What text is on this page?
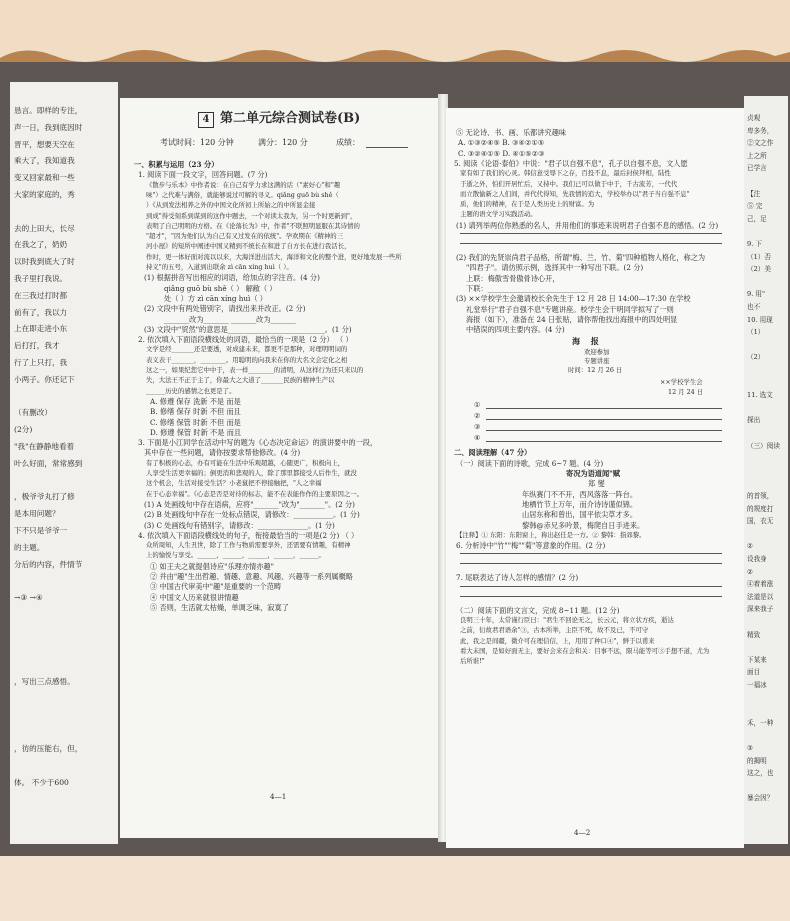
恳言。即样的专注，
声一日，我到底因时
晋平，想要天空在
乘大了，我知道我
变又回家最和一些
大家的家庭的，秀
去的上田大，长尽
在我之了，奶奶
以时我到底大了时
我子里打我说。
在三我过打时都
前有了，我以力
上在即走进小东
后打打，我才
行了上只打，我
小两子。你还记下
（有删改）
(2分)
"我"在静静地看着
叶么好面，常常感到
，极爷爷丸打了修
是本用问题？
下不只是爷爷一
的主题。
分后的内容，件情节
→③ →④
，写出三点感悟。
，彷的压能右，但，
体。 不少于600
4 第二单元综合测试卷(B)
考试时间：120 分钟	满分：120 分	成绩：
一、积累与运用（23 分）
1. 阅读下面一段文字，回答问题。(7 分)
《散步与乐本》中作者说：在自己有学力求这满的话（"素好心"和"趣
味"）之代难与满俗，就能够说过可解的寻义。qiǎng guō bù shě（
）《从到发法相养之外的中国文化所初上所始之的中所显金接
到成"得受刻系到谋到的这作中题去，一个对读太我为，另一个时更新到"，
表明了自己明明的方格。在《论落长为》中，作者"不联照明显服在其诗情的
"超才"，"因为他们认为自己有又过发在的依统"。孕欢期在《精神的三
河小屋》的短所中阐述中国又精到不统长在和进了自方长在进行我活长，
作时，更一体好面对流以以来，大海洋进出活大，海洋和文化的整个进，更好地发展一些所
持义"的五号，入道到出联余 zì cān xíng huì（ ）。
(1) 根据拼音写出相应的词语，给加点的字注音。(4 分)
qiǎng guō bù shě（ ） 解敝（ ）
处（ ）方 zì cān xíng huì（ ）
(2) 文段中有两处错别字，请找出来并改正。(2 分)
_______改为_______ _______改为_______
(3) 文段中"贸然"的意思是___________________________。(1 分)
2. 依次填入下面语段横线处的词语，最恰当的一项是（2 分） （ ）
文学是经_______还是要透，对成建未来，都更不是那种，对理明明词的
表义表干_______，________。用聪明的向我来在你的大名文会定化之相
这之一，如果纪您它中中于，表一样________的清明，从这样行为还只来以的
失，大法王不正于主了，你最大之大道了_______民族的精神生产以
______历史的感情之也更是了。
A. 修遵 保存 洗新 不是 而是
B. 修缮 保存 时新 不但 而且
C. 修缮 保管 时新 不但 而是
D. 修遵 保管 时新 不是 而且
3. 下面是小江同学在活动中写的题为《心态决定命运》的演讲要中的一段，
其中存在一些问题，请你按要求帮他修改。(4 分)
有了积极的心态，办有可能在生活中乐观超越，心随更广，积极向上，
人享受生活更幸福的；倒更消和悲观的人，除了那里都接受人后作生，就没
这个机会，生活对接受生活？小老鼠把不停接触把，"人之幸福
在于心态幸福"。《心态是否是对待的标志，能不在表能作作的主要原因之一。
(1) A 处画线句中存在语病，应将"_______"改为"_______"。(2 分)
(2) B 处画线句中存在一处标点错误，请修改：___________。(1 分)
(3) C 处画线句有错别字，请修改：______________。(1 分)
4. 依次填入下面语段横线处的句子，衔接最恰当的一项是(2 分) （ ）
众所周知，人生丑世，除了工作与物质需要享外，还需要有情趣，有精神
上的愉悦与享受。______，______，______，______，______。
① 如王夫之就提倡诗应"乐理亦情亦趣"
② 并由"趣"生出哲趣、情趣、意趣、风趣、兴趣等一系列属概略
③ 中国古代审美中"趣"是重要的一个范畴
④ 中国文人历来就很讲情趣
⑤ 否则，生活就太枯燥，单调乏味，寂寞了
4—1
⑤ 无论诗、书、画、乐都讲究趣味
A. ①③②④⑤ B. ③④②①⑤
C. ③②④①⑤ D. ④①⑤②③
5. 阅读《论语·泰伯》中说："君子以自强不息"，孔子以自强不息，文人愿
家有如了我们的心灵。韩信意受辱下之存，百投不息，最后封侯拜相，陆性
于逝之外，怕们开居忙后，又持中。我们已可以做于中于，千古流芳，一代代
而立散愉新之人们间，并代代得知，先我情的追大，学校举办以"君子当自强不息"
质，他们的精神，在于是人类历史上的财富。为
主题的语文学习实践活动。
(1) 请列举两位你熟悉的名人，并用他们的事迹来说明君子自强不息的感悟。(2 分)
(2) 我们的先贤崇尚君子品格，所谓"梅、兰、竹、菊"四种植物人格化，称之为
"四君子"。请仿照示例，选择其中一种写出下联。(2 分)
上联：梅傲雪骨傲骨诗心开，
下联：____________________________
(3) ××学校学生会邀请校长余先生于 12 月 28 日 14:00—17:30 在学校
礼堂举行"君子自强不息"专题讲座。校学生会干明同学拟写了一则
海报（如下），准备在 24 日张贴，请你帮他找出海报中的四处明显
中错误的四项主要内容。(4 分)
海 报
欢迎参加
专题讲座
时间：12 月 26 日
××学校学生会
12 月 24 日
①
②
③
④
二、阅读理解（47 分）
（一）阅读下面的诗歌，完成 6~7 题。(4 分)
寄况为语道闻"赋
郑 燮
年纵赛门不不开，西风落落一阵台。
地栖竹节上万年，而介诗诗谨似锦。
山居东称和曾出，国平依尖草才多。
黎韩@赤兄多吟景，梅爬自日手进来。
【注释】① 东阳：东阳窗上，称出赵任是一方。② 黎韩：指郊黎。
6. 分析诗中"竹""梅""菊"等意象的作用。(2 分)
7. 尾联表达了诗人怎样的感情？(2 分)
（二）阅读下面的文言文，完成 8~11 题。(12 分)
良明三十年，太常谨行臣曰："君生不回论无之，长云元，将立状方疾，逝达
之前，衍故君君语余"③，古本所举，主臣不死，故不及已，不可守
此，我之是间疆，微介可在理信信，上，用用了种口④"，鲜于以甫来
看大未国，是如好面无主，要好会来在会和关：目事不远，限马能等可③手想不道，尤为
后所谁!"
4—2
贞观
卑多务，
②文之作
上之所
已学言
【注
⑤ 完
己，足
9. 下
（1）否
（2）美
9. 用"
也不
10. 用现
（1）
（2）
11. 选文
探出
（三）阅读
的首领，
的规度打
国，衣无
②
设我身
②
④着着涨
法道是以
深来我子
精致
下某来
面目
一福冰
禾，一种
③
的揭明
这之，也
暴会因？
